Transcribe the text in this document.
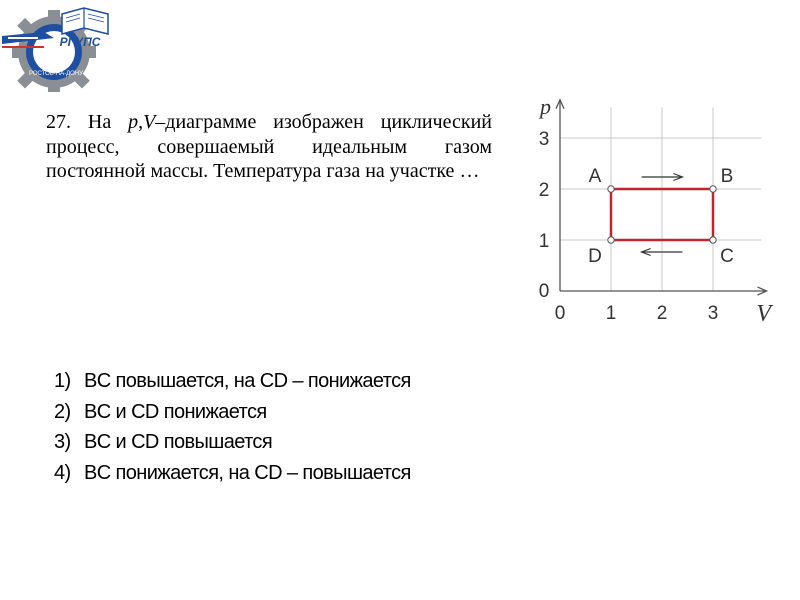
РОСТОВ-НА-ДОНУ
РГУПС

27. На p,V–диаграмме изображен циклический процесс, совершаемый идеальным газом постоянной массы. Температура газа на участке …

0 1 2 3
0
1
2
3
p
V
A	B
C
D
1) BC повышается, на CD – понижается
2) BC и CD понижается
3) BC и CD повышается
4) BC понижается, на CD – повышается
